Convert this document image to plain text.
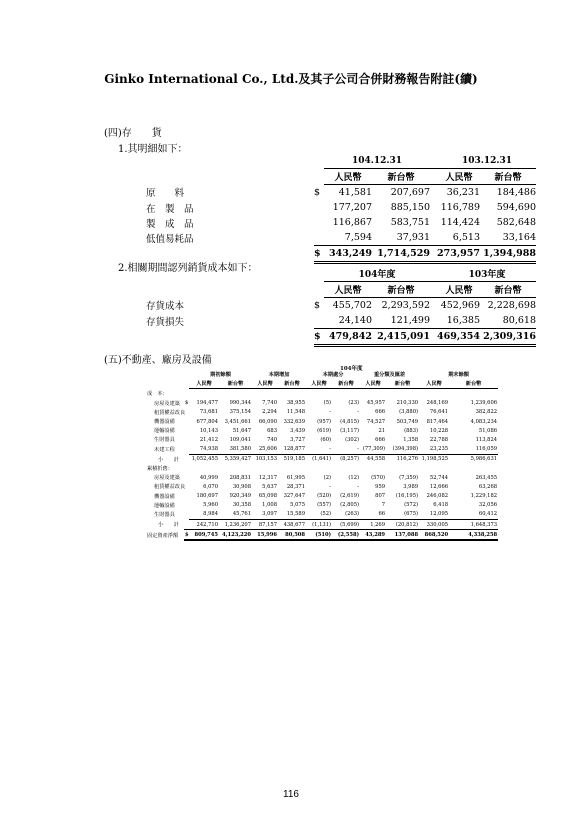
Ginko International Co., Ltd.及其子公司合併財務報告附註(續)
(四)存　　貨
1.其明細如下：
		104.12.31		103.12.31	
		人民幣	新台幣	人民幣	新台幣
原　　料	$	41,581	207,697	36,231	184,486
在　製　品		177,207	885,150	116,789	594,690
製　成　品		116,867	583,751	114,424	582,648
低值易耗品		7,594	37,931	6,513	33,164
	$	343,249	1,714,529	273,957	1,394,988
2.相關期間認列銷貨成本如下：
		104年度		103年度	
		人民幣	新台幣	人民幣	新台幣
存貨成本	$	455,702	2,293,592	452,969	2,228,698
存貨損失		24,140	121,499	16,385	80,618
	$	479,842	2,415,091	469,354	2,309,316
(五)不動產、廠房及設備
104年度
		期初餘額		本期增加		本期處分		重分類及匯差		期末餘額	
		人民幣	新台幣	人民幣	新台幣	人民幣	新台幣	人民幣	新台幣	人民幣	新台幣
成　本：											
房屋及建築	$	194,477	990,344	7,740	38,955	(5)	(23)	45,957	210,330	248,169	1,239,606
租賃權益改良		73,681	375,154	2,294	11,548	-	-	666	(3,880)	76,641	382,822
機器設備		677,804	3,451,661	66,090	332,639	(957)	(4,815)	74,527	503,749	817,464	4,083,234
運輸設備		10,143	51,647	683	3,439	(619)	(3,117)	21	(883)	10,228	51,086
生財器具		21,412	109,041	740	3,727	(60)	(302)	666	1,358	22,788	113,824
未建工程		74,938	381,580	25,606	128,877	-	-	(77,309)	(394,398)	23,235	116,059
小　　計		1,052,455	5,359,427	103,153	519,185	(1,641)	(8,257)	44,558	116,276	1,198,525	5,986,631
累積折舊：											
房屋及建築		40,999	208,831	12,317	61,995	(2)	(12)	(570)	(7,359)	52,744	263,455
租賃權益改良		6,070	30,908	5,637	28,371	-	-	959	3,989	12,666	63,268
機器設備		180,697	920,349	65,098	327,647	(520)	(2,619)	807	(16,195)	246,082	1,229,182
運輸設備		5,960	30,358	1,008	5,075	(557)	(2,805)	7	(572)	6,418	32,056
生財器具		8,984	45,761	3,097	15,589	(52)	(263)	66	(675)	12,095	60,412
小　　計		242,710	1,236,207	87,157	438,677	(1,131)	(5,699)	1,269	(20,812)	330,005	1,648,373
固定資產淨額	$	809,745	4,123,220	15,996	80,508	(510)	(2,558)	43,289	137,088	868,520	4,338,258
116
